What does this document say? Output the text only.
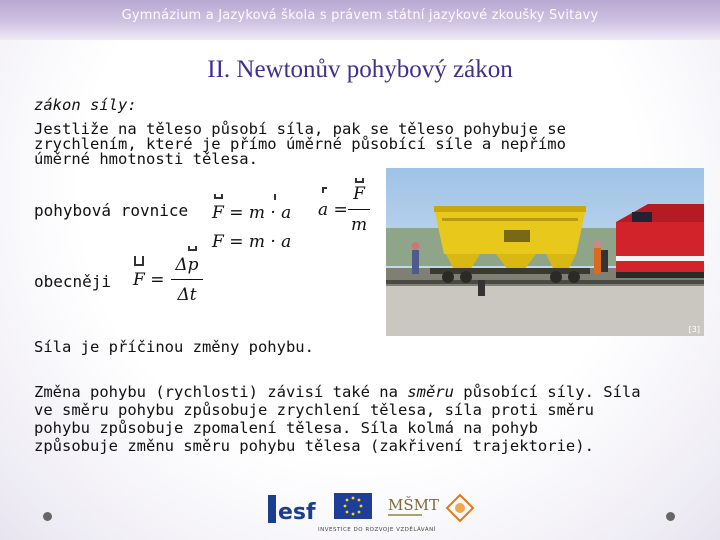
Gymnázium a Jazyková škola s právem státní jazykové zkoušky Svitavy
II. Newtonův pohybový zákon
zákon síly:
Jestliže na těleso působí síla, pak se těleso pohybuje se
zrychlením, které je přímo úměrné působící síle a nepřímo
úměrné hmotnosti tělesa.
pohybová rovnice F = m · a
F = m · a
a =
F
m
obecněji F =
Δp
Δt
[3]
Síla je příčinou změny pohybu.
Změna pohybu (rychlosti) závisí také na směru působící síly. Síla
ve směru pohybu způsobuje zrychlení tělesa, síla proti směru
pohybu způsobuje zpomalení tělesa. Síla kolmá na pohyb
způsobuje změnu směru pohybu tělesa (zakřivení trajektorie).
esf	MŠMT
INVESTICE DO ROZVOJE VZDĚLÁVÁNÍ
